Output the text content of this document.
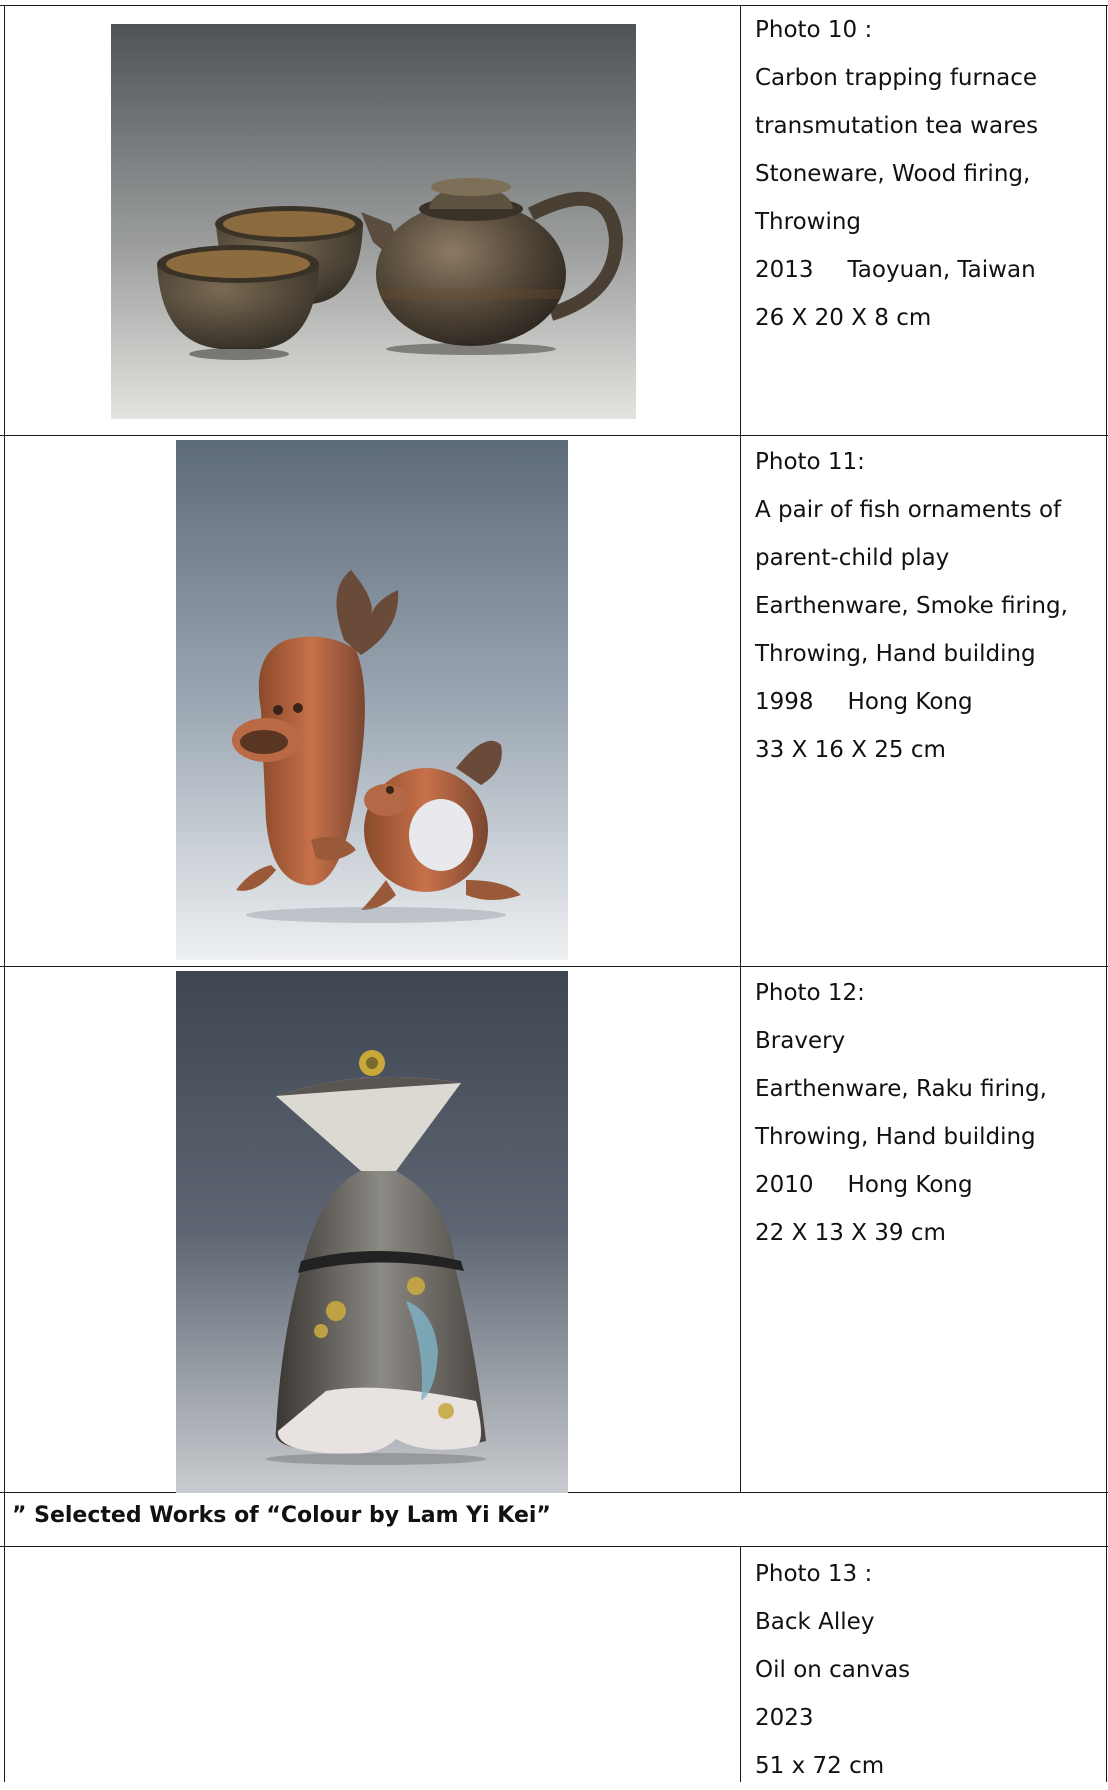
Photo 10 :
Carbon trapping furnace
transmutation tea wares
Stoneware, Wood firing,
Throwing
2013 Taoyuan, Taiwan
26 X 20 X 8 cm
Photo 11:
A pair of fish ornaments of
parent-child play
Earthenware, Smoke firing,
Throwing, Hand building
1998 Hong Kong
33 X 16 X 25 cm
Photo 12:
Bravery
Earthenware, Raku firing,
Throwing, Hand building
2010 Hong Kong
22 X 13 X 39 cm
” Selected Works of “Colour by Lam Yi Kei”
Photo 13 :
Back Alley
Oil on canvas
2023
51 x 72 cm
